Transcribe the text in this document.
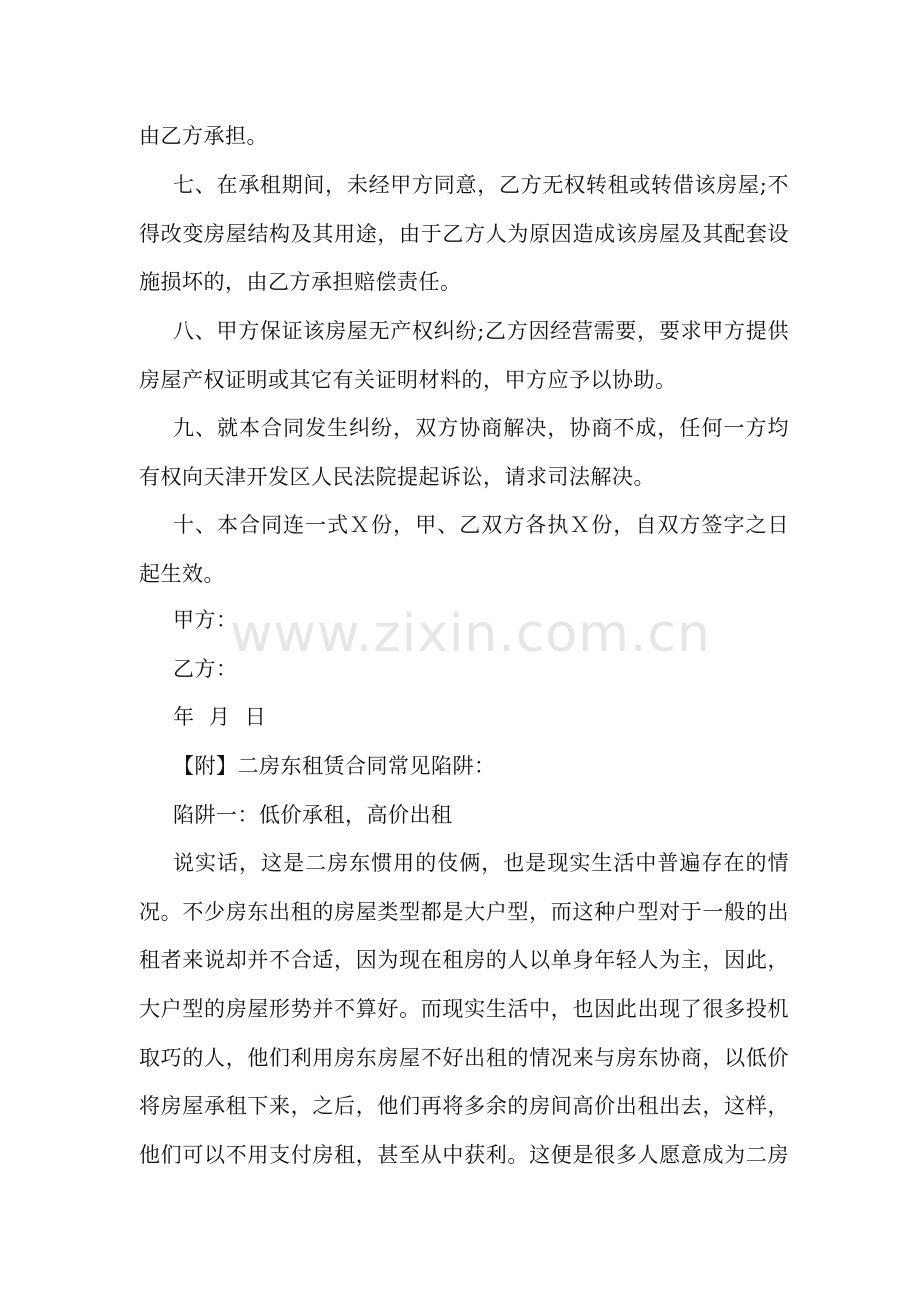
由乙方承担。
七、在承租期间，未经甲方同意，乙方无权转租或转借该房屋;不
得改变房屋结构及其用途，由于乙方人为原因造成该房屋及其配套设
施损坏的，由乙方承担赔偿责任。
八、甲方保证该房屋无产权纠纷;乙方因经营需要，要求甲方提供
房屋产权证明或其它有关证明材料的，甲方应予以协助。
九、就本合同发生纠纷，双方协商解决，协商不成，任何一方均
有权向天津开发区人民法院提起诉讼，请求司法解决。
十、本合同连一式Ｘ份，甲、乙双方各执Ｘ份，自双方签字之日
起生效。
甲方：
乙方：
年  月  日
【附】二房东租赁合同常见陷阱：
陷阱一：低价承租，高价出租
说实话，这是二房东惯用的伎俩，也是现实生活中普遍存在的情
况。不少房东出租的房屋类型都是大户型，而这种户型对于一般的出
租者来说却并不合适，因为现在租房的人以单身年轻人为主，因此，
大户型的房屋形势并不算好。而现实生活中，也因此出现了很多投机
取巧的人，他们利用房东房屋不好出租的情况来与房东协商，以低价
将房屋承租下来，之后，他们再将多余的房间高价出租出去，这样，
他们可以不用支付房租，甚至从中获利。这便是很多人愿意成为二房
www.zixin.com.cn
